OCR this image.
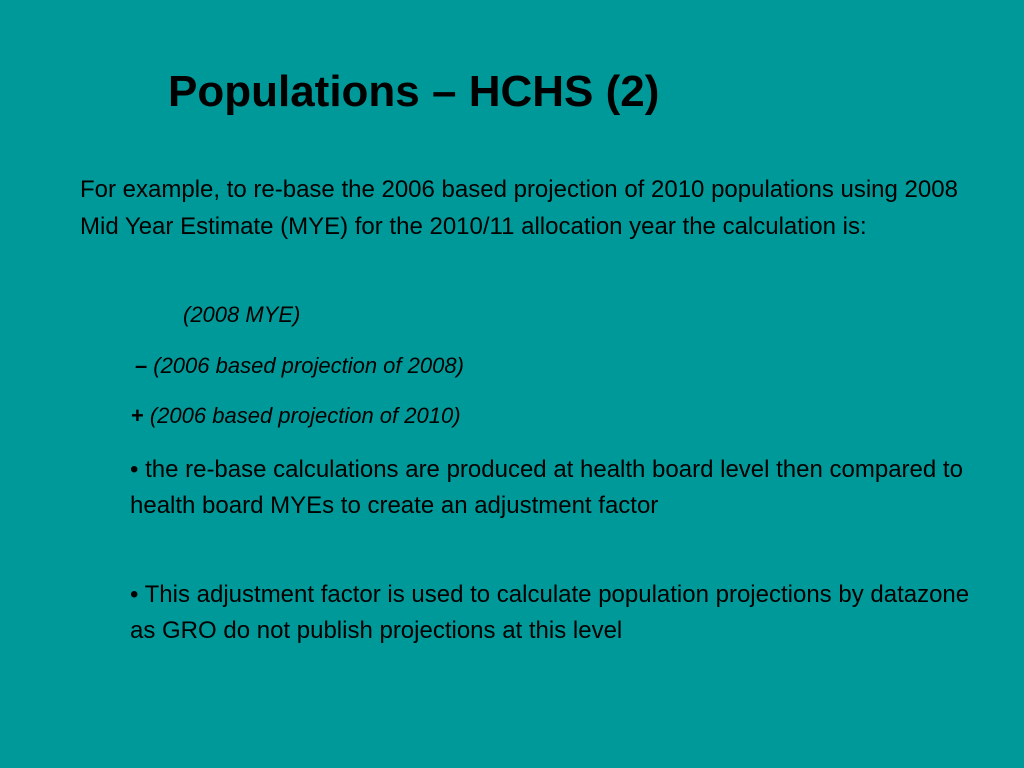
Populations – HCHS (2)
For example, to re-base the 2006 based projection of 2010 populations using 2008 Mid Year Estimate (MYE) for the 2010/11 allocation year the calculation is:
(2008 MYE)
– (2006 based projection of 2008)
+ (2006 based projection of 2010)
• the re-base calculations are produced at health board level then compared to health board MYEs to create an adjustment factor
• This adjustment factor is used to calculate population projections by datazone as GRO do not publish projections at this level
